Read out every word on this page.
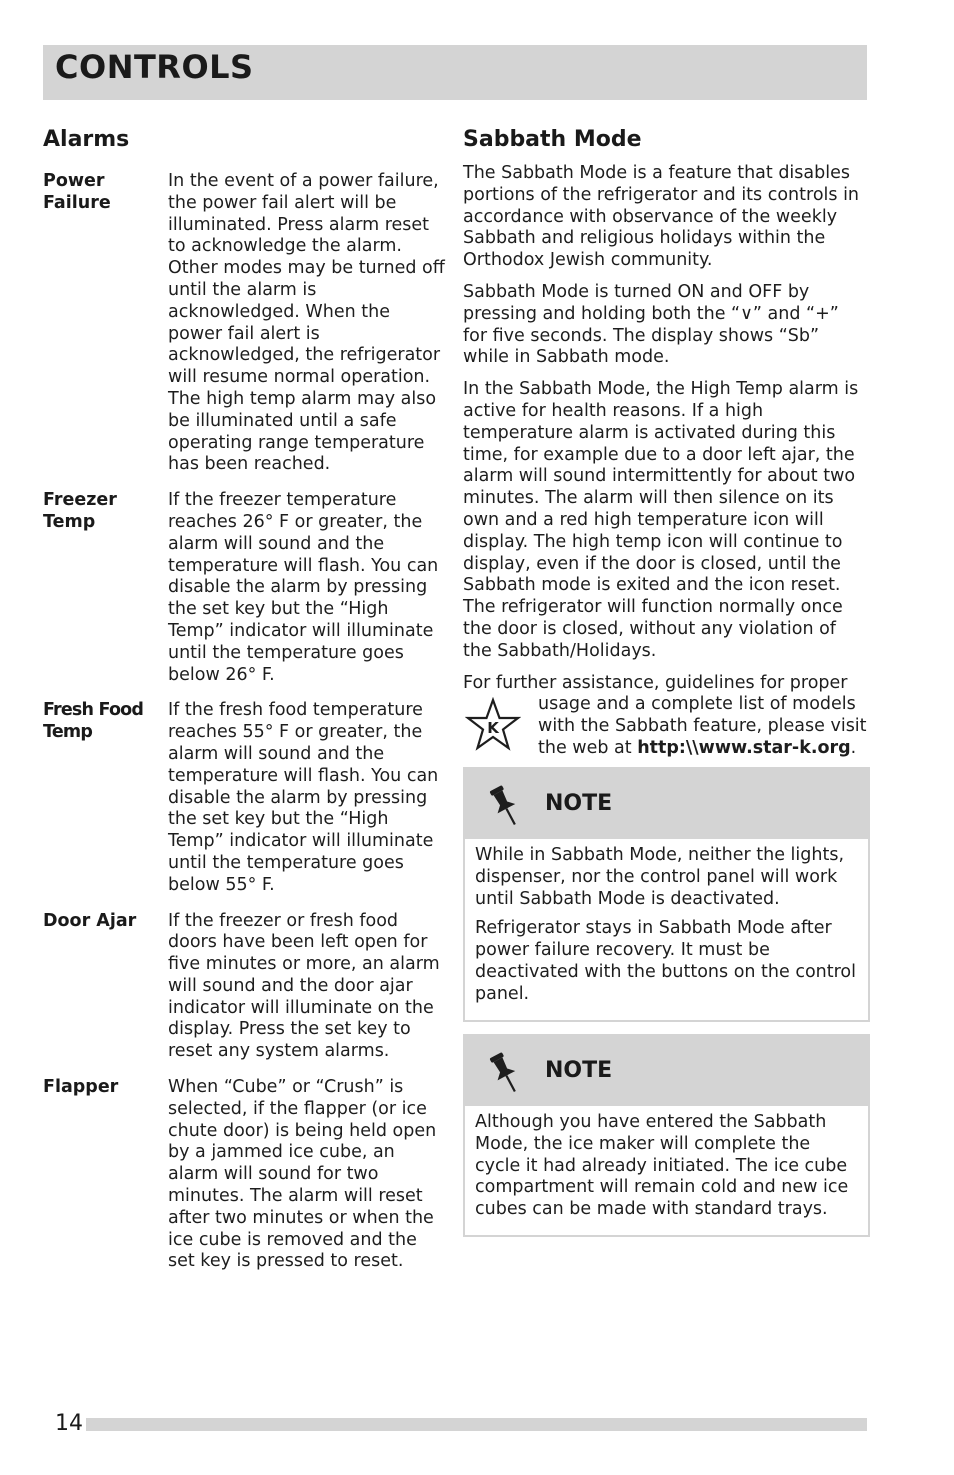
CONTROLS
Alarms
Power Failure
In the event of a power failure, the power fail alert will be illuminated. Press alarm reset to acknowledge the alarm. Other modes may be turned off until the alarm is acknowledged. When the power fail alert is acknowledged, the refrigerator will resume normal operation. The high temp alarm may also be illuminated until a safe operating range temperature has been reached.
Freezer Temp
If the freezer temperature reaches 26° F or greater, the alarm will sound and the temperature will flash. You can disable the alarm by pressing the set key but the “High Temp” indicator will illuminate until the temperature goes below 26° F.
Fresh Food Temp
If the fresh food temperature reaches 55° F or greater, the alarm will sound and the temperature will flash. You can disable the alarm by pressing the set key but the “High Temp” indicator will illuminate until the temperature goes below 55° F.
Door Ajar	If the freezer or fresh food doors have been left open for five minutes or more, an alarm will sound and the door ajar indicator will illuminate on the display. Press the set key to reset any system alarms.
Flapper	When “Cube” or “Crush” is selected, if the flapper (or ice chute door) is being held open by a jammed ice cube, an alarm will sound for two minutes. The alarm will reset after two minutes or when the ice cube is removed and the set key is pressed to reset.
Sabbath Mode

The Sabbath Mode is a feature that disables portions of the refrigerator and its controls in accordance with observance of the weekly Sabbath and religious holidays within the Orthodox Jewish community.

Sabbath Mode is turned ON and OFF by pressing and holding both the “∨” and “+” for five seconds. The display shows “Sb” while in Sabbath mode.

In the Sabbath Mode, the High Temp alarm is active for health reasons. If a high temperature alarm is activated during this time, for example due to a door left ajar, the alarm will sound intermittently for about two minutes. The alarm will then silence on its own and a red high temperature icon will display. The high temp icon will continue to display, even if the door is closed, until the Sabbath mode is exited and the icon reset. The refrigerator will function normally once the door is closed, without any violation of the Sabbath/Holidays.

For further assistance, guidelines for proper

K
usage and a complete list of models with the Sabbath feature, please visit the web at http:\\www.star-k.org.
NOTE

While in Sabbath Mode, neither the lights, dispenser, nor the control panel will work until Sabbath Mode is deactivated.

Refrigerator stays in Sabbath Mode after power failure recovery. It must be deactivated with the buttons on the control panel.

NOTE

Although you have entered the Sabbath Mode, the ice maker will complete the cycle it had already initiated. The ice cube compartment will remain cold and new ice cubes can be made with standard trays.

14
